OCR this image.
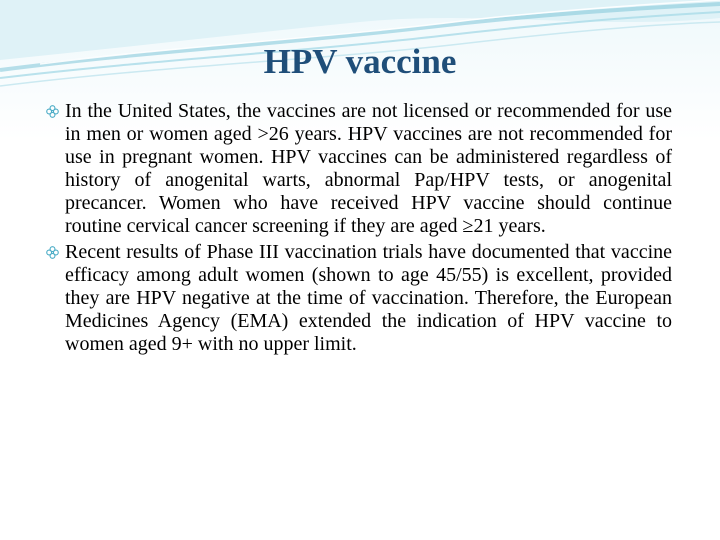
HPV vaccine

In the United States, the vaccines are not licensed or recommended for use in men or women aged >26 years. HPV vaccines are not recommended for use in pregnant women. HPV vaccines can be administered regardless of history of anogenital warts, abnormal Pap/HPV tests, or anogenital precancer. Women who have received HPV vaccine should continue routine cervical cancer screening if they are aged ≥21 years.

Recent results of Phase III vaccination trials have documented that vaccine efficacy among adult women (shown to age 45/55) is excellent, provided they are HPV negative at the time of vaccination. Therefore, the European Medicines Agency (EMA) extended the indication of HPV vaccine to women aged 9+ with no upper limit.
